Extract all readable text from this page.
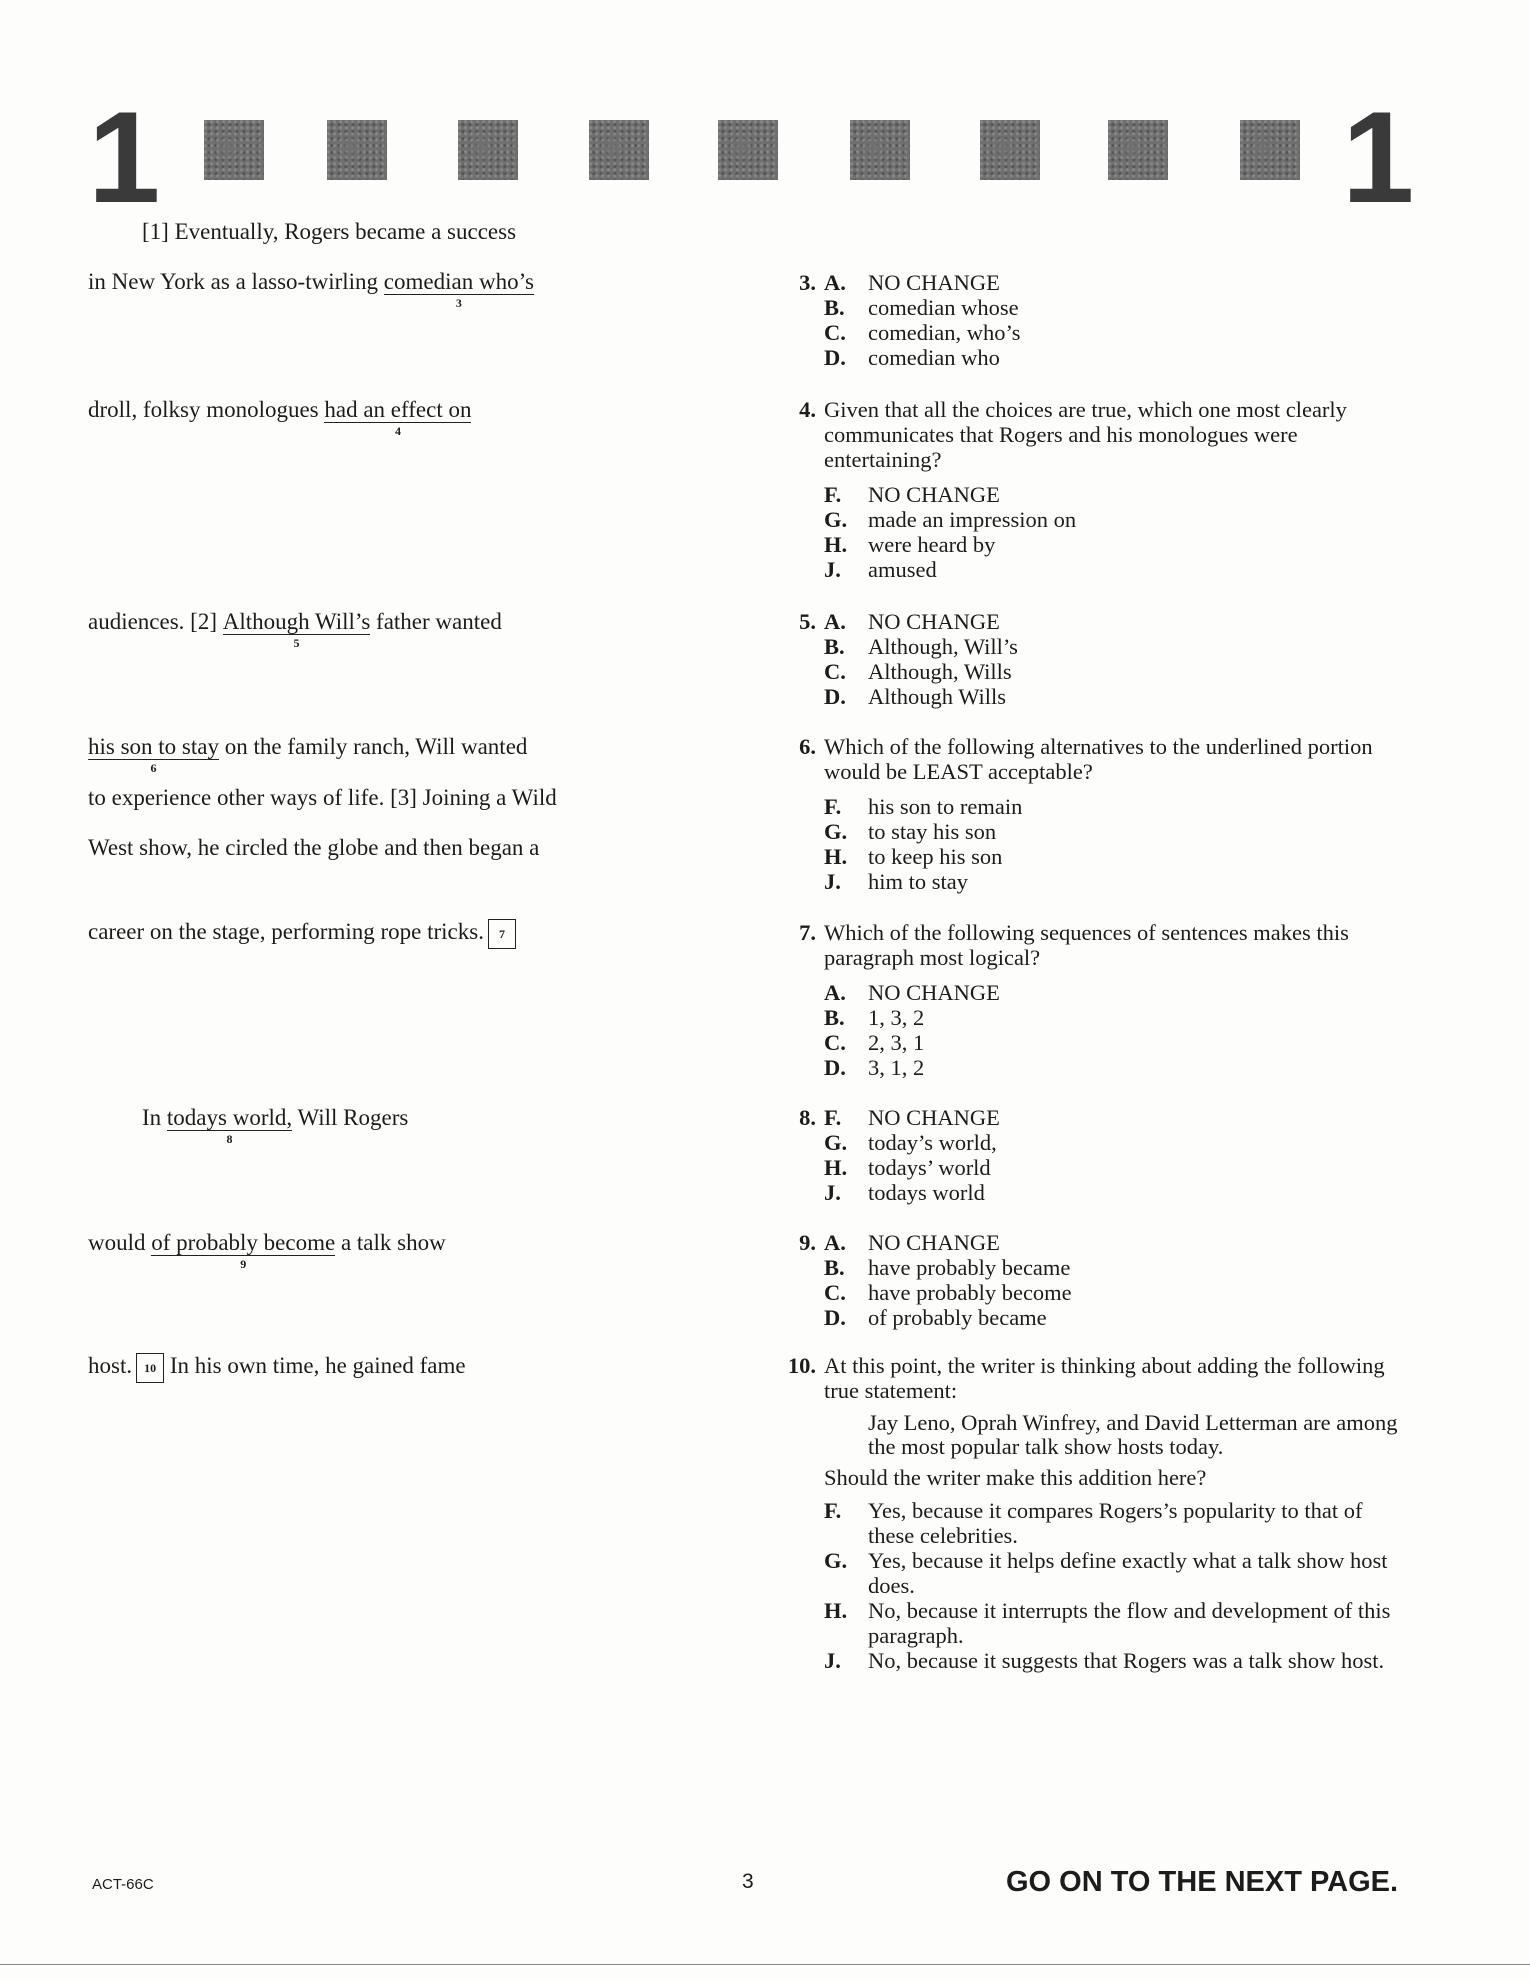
1	1
[1] Eventually, Rogers became a success
in New York as a lasso-twirling comedian who’s
3
droll, folksy monologues had an effect on
4
audiences. [2] Although Will’s
5
father wanted
his son to stay
6
on the family ranch, Will wanted
to experience other ways of life. [3] Joining a Wild
West show, he circled the globe and then began a
career on the stage, performing rope tricks. 7
In todays world,
8
Will Rogers
would of probably become
9
a talk show
host. 10 In his own time, he gained fame
3. A. NO CHANGE
B. comedian whose
C. comedian, who’s
D. comedian who
4. Given that all the choices are true, which one most clearly communicates that Rogers and his monologues were entertaining?
F. NO CHANGE
G. made an impression on
H. were heard by
J. amused
5. A. NO CHANGE
B. Although, Will’s
C. Although, Wills
D. Although Wills
6. Which of the following alternatives to the underlined portion would be LEAST acceptable?
F. his son to remain
G. to stay his son
H. to keep his son
J. him to stay
7. Which of the following sequences of sentences makes this paragraph most logical?
A. NO CHANGE
B. 1, 3, 2
C. 2, 3, 1
D. 3, 1, 2
8. F. NO CHANGE
G. today’s world,
H. todays’ world
J. todays world
9. A. NO CHANGE
B. have probably became
C. have probably become
D. of probably became
10. At this point, the writer is thinking about adding the following true statement:
Jay Leno, Oprah Winfrey, and David Letterman are among the most popular talk show hosts today.
Should the writer make this addition here?
F. Yes, because it compares Rogers’s popularity to that of these celebrities.
G. Yes, because it helps define exactly what a talk show host does.
H. No, because it interrupts the flow and development of this paragraph.
J. No, because it suggests that Rogers was a talk show host.
ACT-66C	3	GO ON TO THE NEXT PAGE.
